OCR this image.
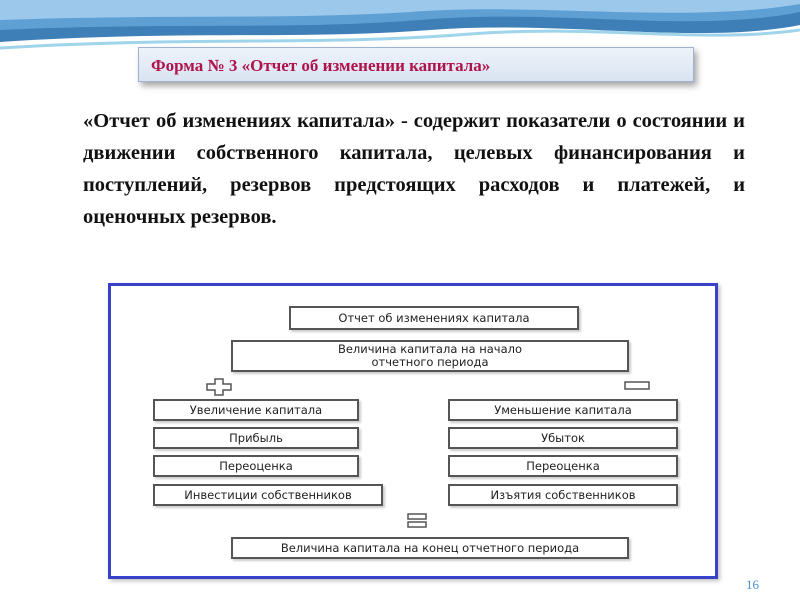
Форма № 3 «Отчет об изменении капитала»
«Отчет об изменениях капитала» - содержит показатели о состоянии и движении собственного капитала, целевых финансирования и поступлений, резервов предстоящих расходов и платежей, и оценочных резервов.
Отчет об изменениях капитала
Величина капитала на начало отчетного периода
Увеличение капитала
Прибыль
Переоценка
Инвестиции собственников
Уменьшение капитала
Убыток
Переоценка
Изъятия собственников
Величина капитала на конец отчетного периода
16
